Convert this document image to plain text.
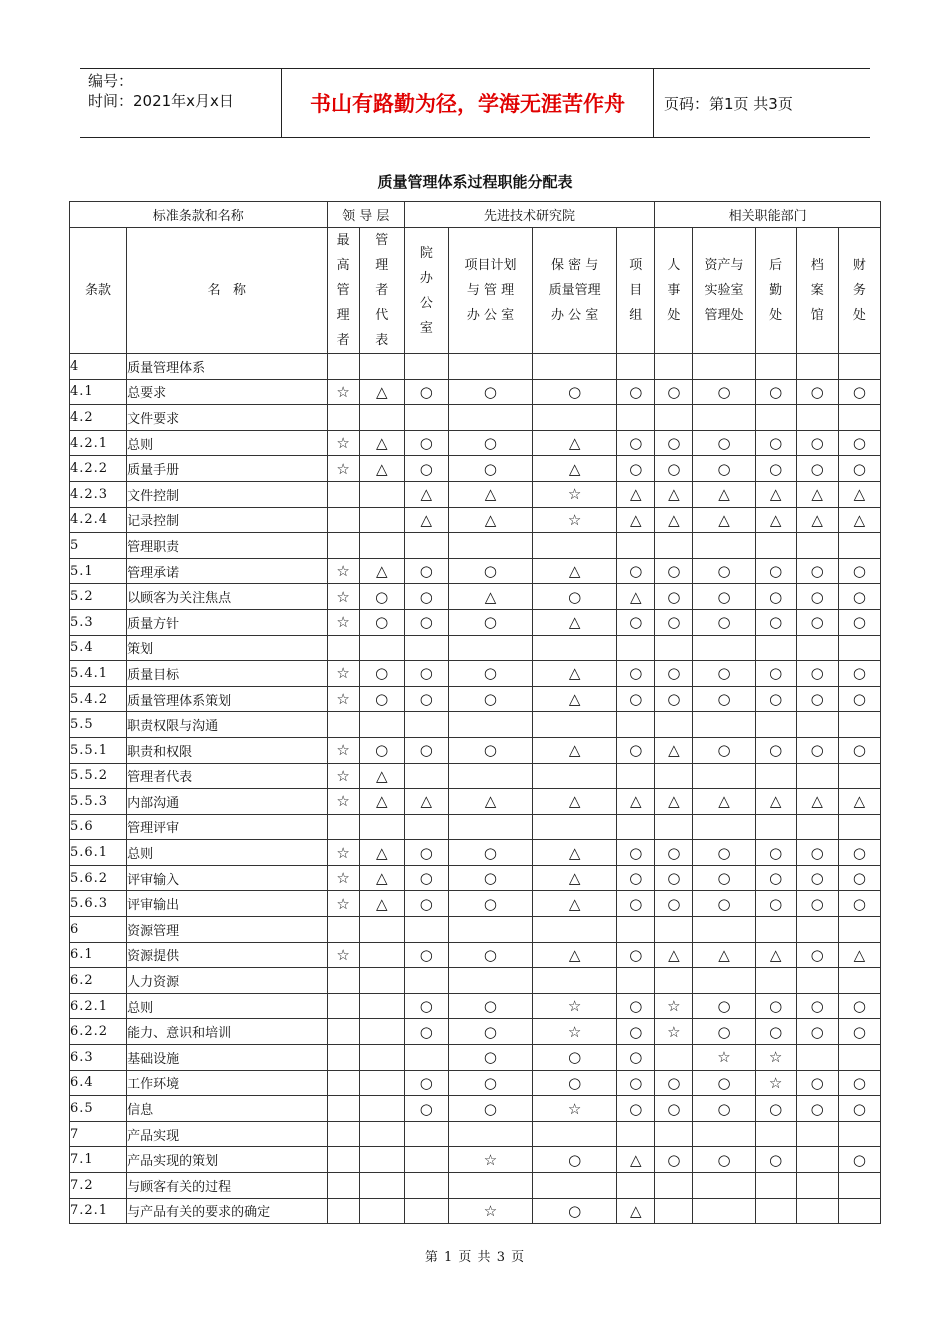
编号：
时间：2021年x月x日	书山有路勤为径，学海无涯苦作舟	页码：第1页 共3页
质量管理体系过程职能分配表
标准条款和名称		领 导 层		先进技术研究院				相关职能部门				
条款	名   称	最高管理者	管理者代表	院办公室	项目计划与 管 理办 公 室	保 密 与质量管理办 公 室	项目组	人事处	资产与实验室管理处	后勤处	档案馆	财务处
4	质量管理体系											
4.1	总要求	☆	△	○	○	○	○	○	○	○	○	○
4.2	文件要求											
4.2.1	总则	☆	△	○	○	△	○	○	○	○	○	○
4.2.2	质量手册	☆	△	○	○	△	○	○	○	○	○	○
4.2.3	文件控制			△	△	☆	△	△	△	△	△	△
4.2.4	记录控制			△	△	☆	△	△	△	△	△	△
5	管理职责											
5.1	管理承诺	☆	△	○	○	△	○	○	○	○	○	○
5.2	以顾客为关注焦点	☆	○	○	△	○	△	○	○	○	○	○
5.3	质量方针	☆	○	○	○	△	○	○	○	○	○	○
5.4	策划											
5.4.1	质量目标	☆	○	○	○	△	○	○	○	○	○	○
5.4.2	质量管理体系策划	☆	○	○	○	△	○	○	○	○	○	○
5.5	职责权限与沟通											
5.5.1	职责和权限	☆	○	○	○	△	○	△	○	○	○	○
5.5.2	管理者代表	☆	△									
5.5.3	内部沟通	☆	△	△	△	△	△	△	△	△	△	△
5.6	管理评审											
5.6.1	总则	☆	△	○	○	△	○	○	○	○	○	○
5.6.2	评审输入	☆	△	○	○	△	○	○	○	○	○	○
5.6.3	评审输出	☆	△	○	○	△	○	○	○	○	○	○
6	资源管理											
6.1	资源提供	☆		○	○	△	○	△	△	△	○	△
6.2	人力资源											
6.2.1	总则			○	○	☆	○	☆	○	○	○	○
6.2.2	能力、意识和培训			○	○	☆	○	☆	○	○	○	○
6.3	基础设施				○	○	○		☆	☆		
6.4	工作环境			○	○	○	○	○	○	☆	○	○
6.5	信息			○	○	☆	○	○	○	○	○	○
7	产品实现											
7.1	产品实现的策划				☆	○	△	○	○	○		○
7.2	与顾客有关的过程											
7.2.1	与产品有关的要求的确定				☆	○	△					
第 1 页 共 3 页
